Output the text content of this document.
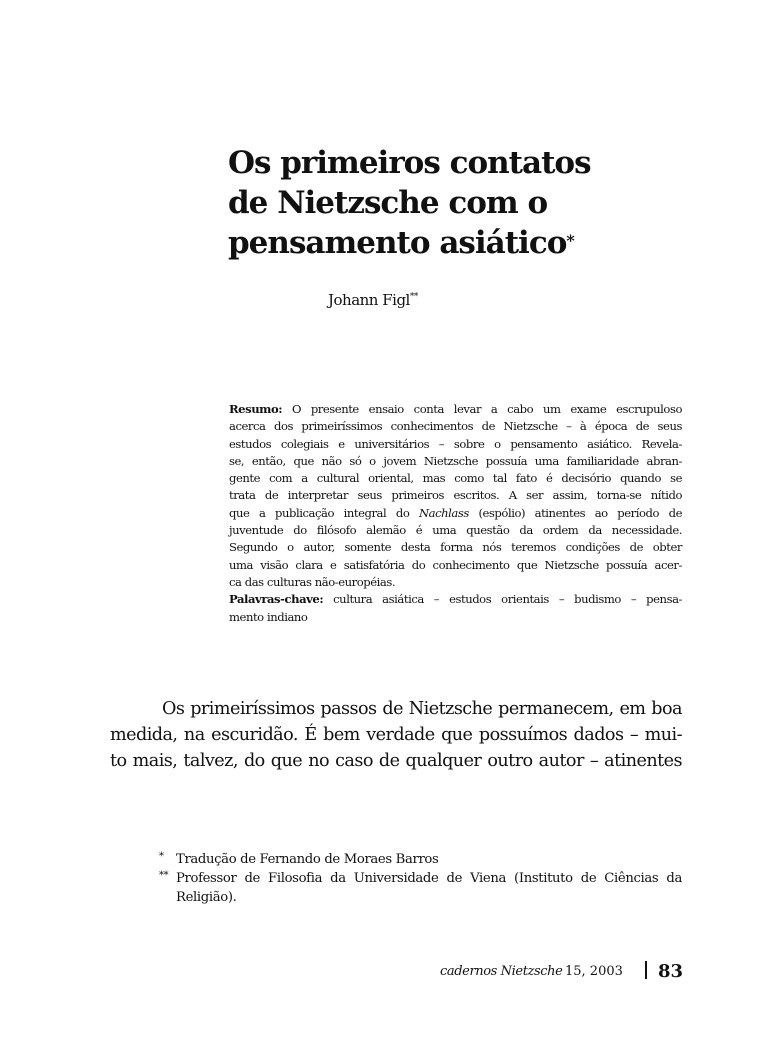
Os primeiros contatos
de Nietzsche com o
pensamento asiático*
Johann Figl**
Resumo: O presente ensaio conta levar a cabo um exame escrupuloso
acerca dos primeiríssimos conhecimentos de Nietzsche – à época de seus
estudos colegiais e universitários – sobre o pensamento asiático. Revela-
se, então, que não só o jovem Nietzsche possuía uma familiaridade abran-
gente com a cultural oriental, mas como tal fato é decisório quando se
trata de interpretar seus primeiros escritos. A ser assim, torna-se nítido
que a publicação integral do Nachlass (espólio) atinentes ao período de
juventude do filósofo alemão é uma questão da ordem da necessidade.
Segundo o autor, somente desta forma nós teremos condições de obter
uma visão clara e satisfatória do conhecimento que Nietzsche possuía acer-
ca das culturas não-européias.
Palavras-chave: cultura asiática – estudos orientais – budismo – pensa-
mento indiano
Os primeiríssimos passos de Nietzsche permanecem, em boa
medida, na escuridão. É bem verdade que possuímos dados – mui-
to mais, talvez, do que no caso de qualquer outro autor – atinentes
* Tradução de Fernando de Moraes Barros
** Professor de Filosofia da Universidade de Viena (Instituto de Ciências da
Religião).
cadernos Nietzsche 15, 2003 83
